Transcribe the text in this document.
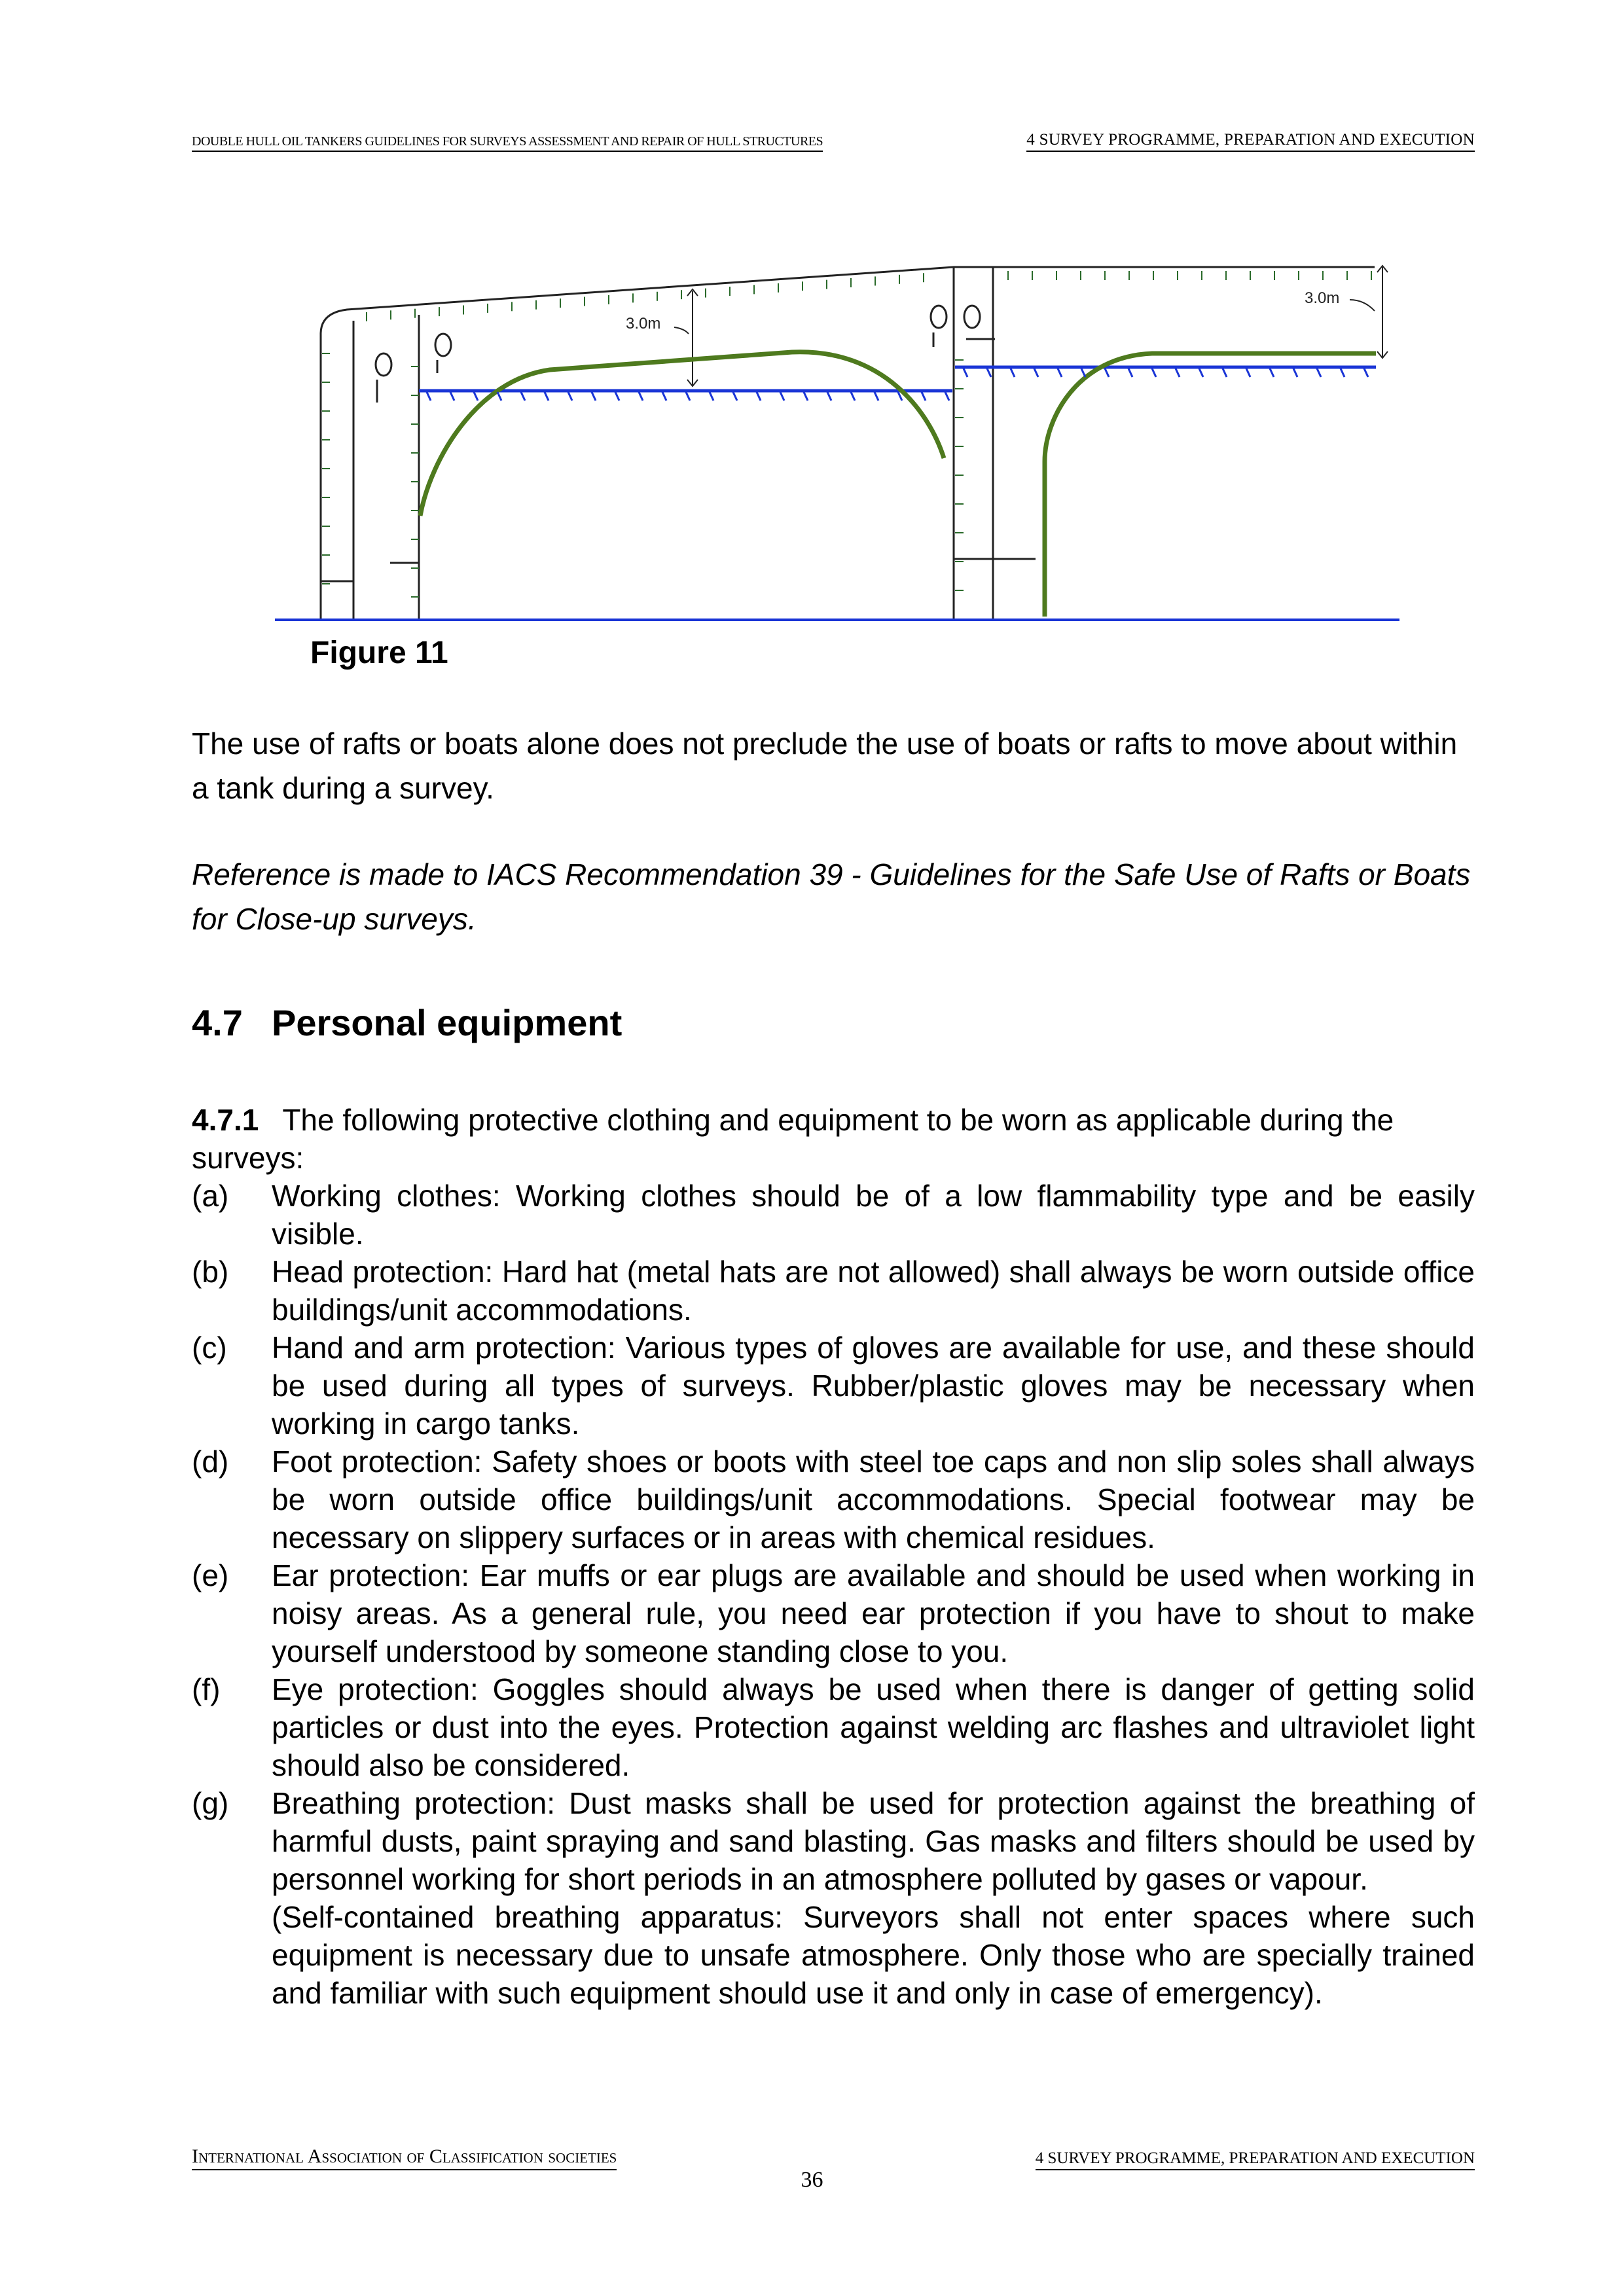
DOUBLE HULL OIL TANKERS GUIDELINES FOR SURVEYS ASSESSMENT AND REPAIR OF HULL STRUCTURES	4 SURVEY PROGRAMME, PREPARATION AND EXECUTION
3.0m
3.0m
Figure 11

The use of rafts or boats alone does not preclude the use of boats or rafts to move about within a tank during a survey.

Reference is made to IACS Recommendation 39 - Guidelines for the Safe Use of Rafts or Boats for Close-up surveys.

4.7 Personal equipment

4.7.1 The following protective clothing and equipment to be worn as applicable during the surveys:

(a)	Working clothes: Working clothes should be of a low flammability type and be easily visible.
(b)	Head protection: Hard hat (metal hats are not allowed) shall always be worn outside office buildings/unit accommodations.
(c)	Hand and arm protection: Various types of gloves are available for use, and these should be used during all types of surveys. Rubber/plastic gloves may be necessary when working in cargo tanks.
(d)	Foot protection: Safety shoes or boots with steel toe caps and non slip soles shall always be worn outside office buildings/unit accommodations. Special footwear may be necessary on slippery surfaces or in areas with chemical residues.
(e)	Ear protection: Ear muffs or ear plugs are available and should be used when working in noisy areas. As a general rule, you need ear protection if you have to shout to make yourself understood by someone standing close to you.
(f)	Eye protection: Goggles should always be used when there is danger of getting solid particles or dust into the eyes. Protection against welding arc flashes and ultraviolet light should also be considered.
(g)	Breathing protection: Dust masks shall be used for protection against the breathing of harmful dusts, paint spraying and sand blasting. Gas masks and filters should be used by personnel working for short periods in an atmosphere polluted by gases or vapour.
(Self-contained breathing apparatus: Surveyors shall not enter spaces where such equipment is necessary due to unsafe atmosphere. Only those who are specially trained and familiar with such equipment should use it and only in case of emergency).
International Association of Classification societies	4 SURVEY PROGRAMME, PREPARATION AND EXECUTION
36
